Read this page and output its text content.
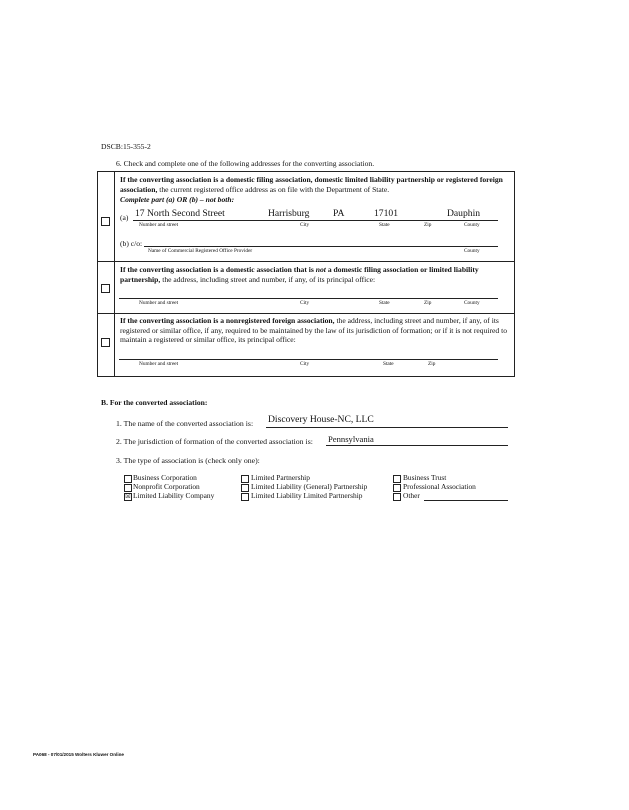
DSCB:15-355-2
6. Check and complete one of the following addresses for the converting association.
If the converting association is a domestic filing association, domestic limited liability partnership or registered foreign association, the current registered office address as on file with the Department of State.
Complete part (a) OR (b) – not both:
(a) 17 North Second Street	Harrisburg PA	17101	Dauphin
Number and street	City	State	Zip	County
(b) c/o:
Name of Commercial Registered Office Provider	County
If the converting association is a domestic association that is not a domestic filing association or limited liability partnership, the address, including street and number, if any, of its principal office:
Number and street	City	State	Zip	County
If the converting association is a nonregistered foreign association, the address, including street and number, if any, of its registered or similar office, if any, required to be maintained by the law of its jurisdiction of formation; or if it is not required to maintain a registered or similar office, its principal office:
Number and street	City	State	Zip
B. For the converted association:
1. The name of the converted association is: Discovery House-NC, LLC
2. The jurisdiction of formation of the converted association is: Pennsylvania
3. The type of association is (check only one):
Business Corporation
Nonprofit Corporation
☒ Limited Liability Company
Limited Partnership
Limited Liability (General) Partnership
Limited Liability Limited Partnership
Business Trust
Professional Association
Other
PA068 - 07/01/2015 Wolters Kluwer Online
